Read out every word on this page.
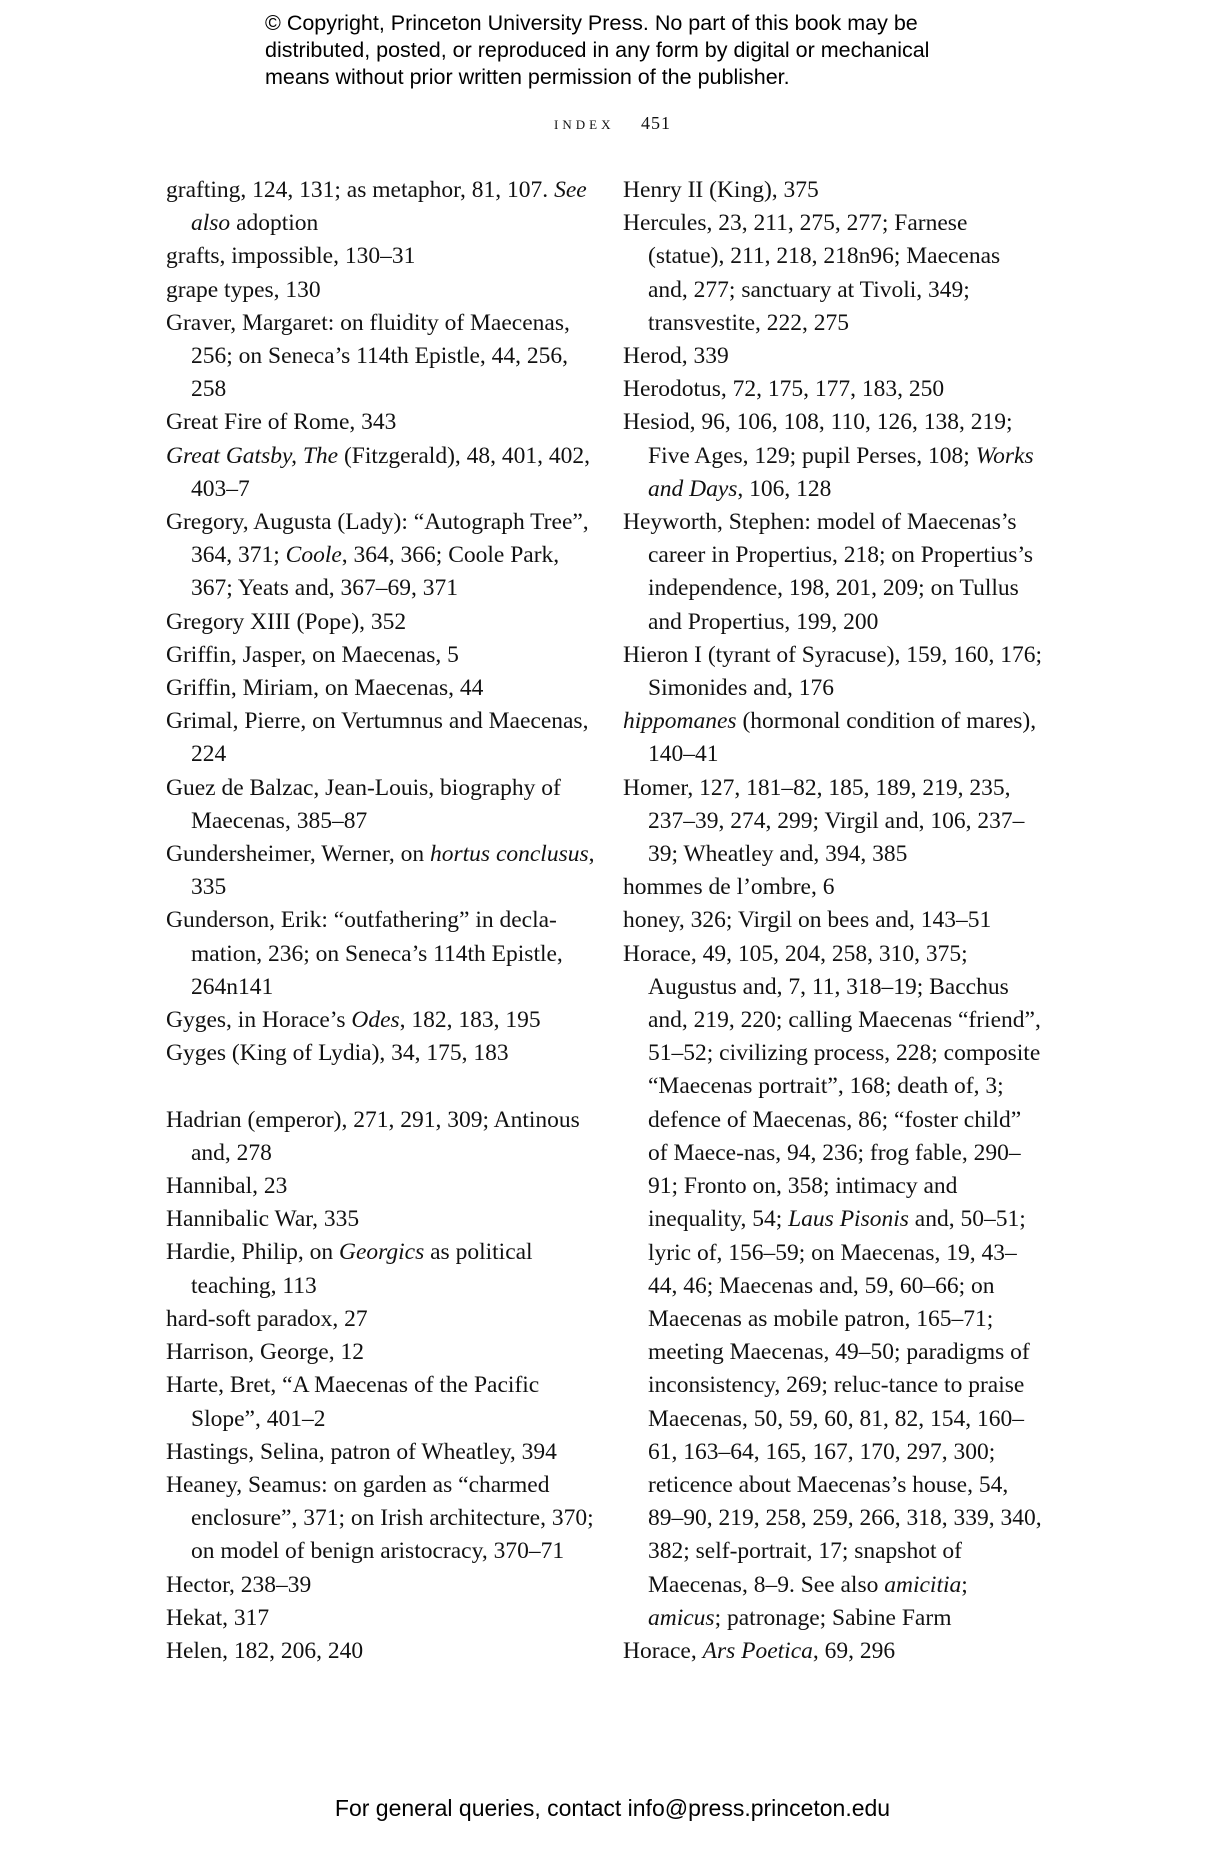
© Copyright, Princeton University Press. No part of this book may be
distributed, posted, or reproduced in any form by digital or mechanical
means without prior written permission of the publisher.
index 451

grafting, 124, 131; as metaphor, 81, 107. See also adoption

grafts, impossible, 130–31

grape types, 130

Graver, Margaret: on fluidity of Maecenas, 256; on Seneca’s 114th Epistle, 44, 256, 258

Great Fire of Rome, 343

Great Gatsby, The (Fitzgerald), 48, 401, 402, 403–7

Gregory, Augusta (Lady): “Autograph Tree”, 364, 371; Coole, 364, 366; Coole Park, 367; Yeats and, 367–69, 371

Gregory XIII (Pope), 352

Griffin, Jasper, on Maecenas, 5

Griffin, Miriam, on Maecenas, 44

Grimal, Pierre, on Vertumnus and Maecenas, 224

Guez de Balzac, Jean-Louis, biography of Maecenas, 385–87

Gundersheimer, Werner, on hortus conclusus, 335

Gunderson, Erik: “outfathering” in decla-mation, 236; on Seneca’s 114th Epistle, 264n141

Gyges, in Horace’s Odes, 182, 183, 195

Gyges (King of Lydia), 34, 175, 183

Hadrian (emperor), 271, 291, 309; Antinous and, 278

Hannibal, 23

Hannibalic War, 335

Hardie, Philip, on Georgics as political teaching, 113

hard-soft paradox, 27

Harrison, George, 12

Harte, Bret, “A Maecenas of the Pacific Slope”, 401–2

Hastings, Selina, patron of Wheatley, 394

Heaney, Seamus: on garden as “charmed enclosure”, 371; on Irish architecture, 370; on model of benign aristocracy, 370–71

Hector, 238–39

Hekat, 317

Helen, 182, 206, 240

Henry II (King), 375

Hercules, 23, 211, 275, 277; Farnese (statue), 211, 218, 218n96; Maecenas and, 277; sanctuary at Tivoli, 349; transvestite, 222, 275

Herod, 339

Herodotus, 72, 175, 177, 183, 250

Hesiod, 96, 106, 108, 110, 126, 138, 219; Five Ages, 129; pupil Perses, 108; Works and Days, 106, 128

Heyworth, Stephen: model of Maecenas’s career in Propertius, 218; on Propertius’s independence, 198, 201, 209; on Tullus and Propertius, 199, 200

Hieron I (tyrant of Syracuse), 159, 160, 176; Simonides and, 176

hippomanes (hormonal condition of mares), 140–41

Homer, 127, 181–82, 185, 189, 219, 235, 237–39, 274, 299; Virgil and, 106, 237–39; Wheatley and, 394, 385

hommes de l’ombre, 6

honey, 326; Virgil on bees and, 143–51

Horace, 49, 105, 204, 258, 310, 375; Augustus and, 7, 11, 318–19; Bacchus and, 219, 220; calling Maecenas “friend”, 51–52; civilizing process, 228; composite “Maecenas portrait”, 168; death of, 3; defence of Maecenas, 86; “foster child” of Maece-nas, 94, 236; frog fable, 290–91; Fronto on, 358; intimacy and inequality, 54; Laus Pisonis and, 50–51; lyric of, 156–59; on Maecenas, 19, 43–44, 46; Maecenas and, 59, 60–66; on Maecenas as mobile patron, 165–71; meeting Maecenas, 49–50; paradigms of inconsistency, 269; reluc-tance to praise Maecenas, 50, 59, 60, 81, 82, 154, 160–61, 163–64, 165, 167, 170, 297, 300; reticence about Maecenas’s house, 54, 89–90, 219, 258, 259, 266, 318, 339, 340, 382; self-portrait, 17; snapshot of Maecenas, 8–9. See also amicitia; amicus; patronage; Sabine Farm

Horace, Ars Poetica, 69, 296

For general queries, contact info@press.princeton.edu
